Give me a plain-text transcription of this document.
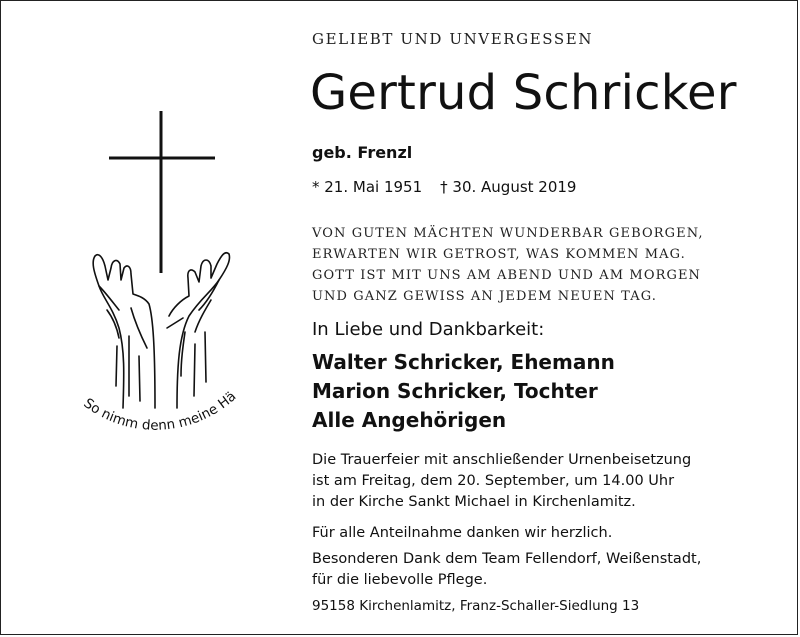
So nimm denn meine Hä
GELIEBT UND UNVERGESSEN
Gertrud Schricker
geb. Frenzl
* 21. Mai 1951 † 30. August 2019
VON GUTEN MÄCHTEN WUNDERBAR GEBORGEN,
ERWARTEN WIR GETROST, WAS KOMMEN MAG.
GOTT IST MIT UNS AM ABEND UND AM MORGEN
UND GANZ GEWISS AN JEDEM NEUEN TAG.
In Liebe und Dankbarkeit:
Walter Schricker, Ehemann
Marion Schricker, Tochter
Alle Angehörigen
Die Trauerfeier mit anschließender Urnenbeisetzung
ist am Freitag, dem 20. September, um 14.00 Uhr
in der Kirche Sankt Michael in Kirchenlamitz.
Für alle Anteilnahme danken wir herzlich.
Besonderen Dank dem Team Fellendorf, Weißenstadt,
für die liebevolle Pflege.
95158 Kirchenlamitz, Franz-Schaller-Siedlung 13
